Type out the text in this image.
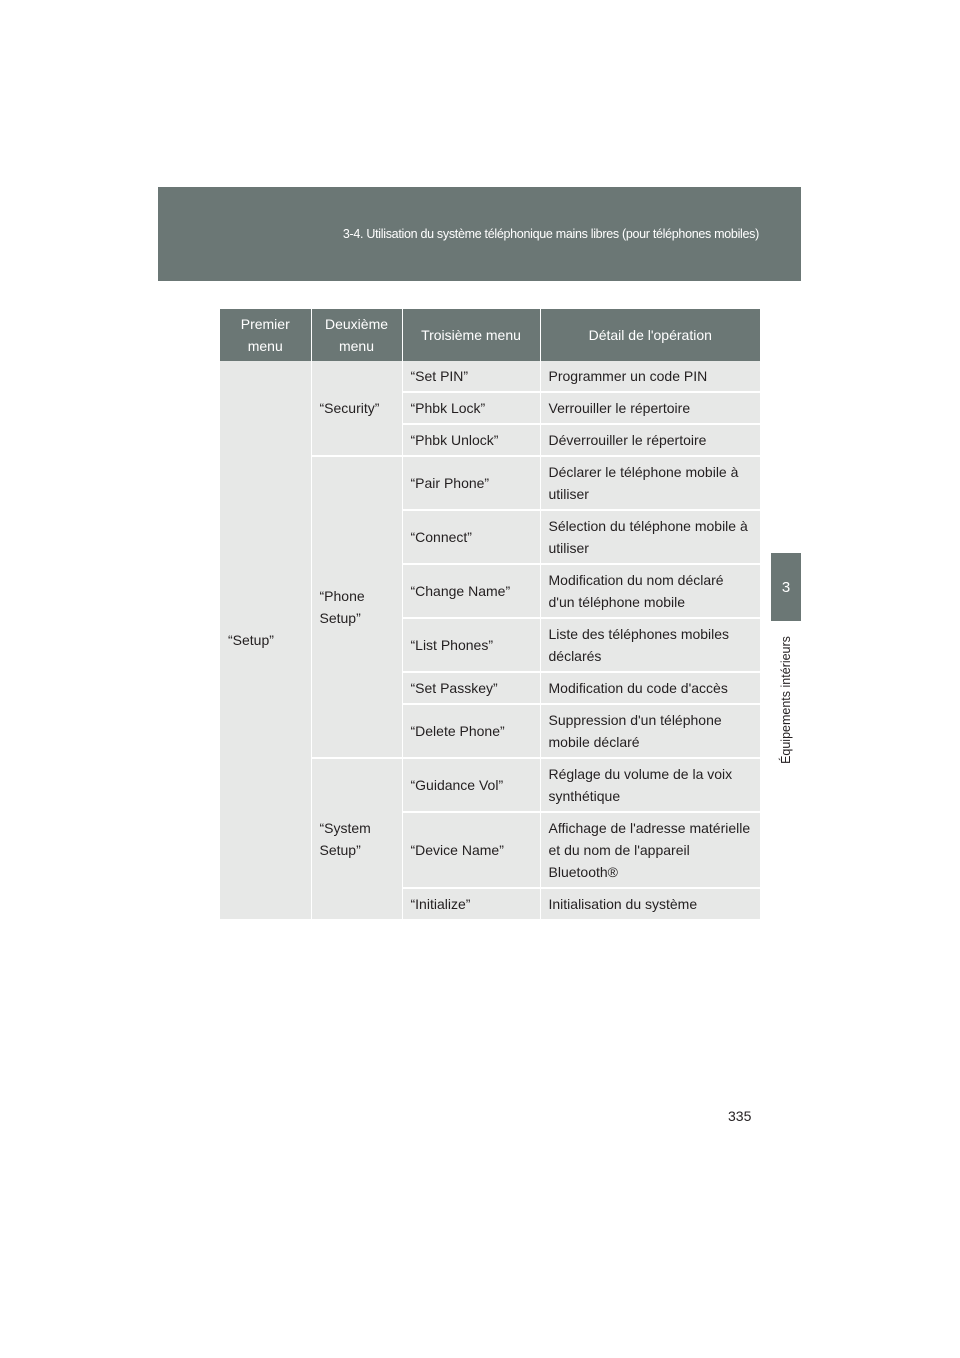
3-4. Utilisation du système téléphonique mains libres (pour téléphones mobiles)
3
Équipements intérieurs
Premier menu	Deuxième menu	Troisième menu	Détail de l'opération
“Setup”	“Security”	“Set PIN”	Programmer un code PIN
		“Phbk Lock”	Verrouiller le répertoire
		“Phbk Unlock”	Déverrouiller le répertoire
	“Phone Setup”	“Pair Phone”	Déclarer le téléphone mobile à utiliser
		“Connect”	Sélection du téléphone mobile à utiliser
		“Change Name”	Modification du nom déclaré d'un téléphone mobile
		“List Phones”	Liste des téléphones mobiles déclarés
		“Set Passkey”	Modification du code d'accès
		“Delete Phone”	Suppression d'un téléphone mobile déclaré
	“System Setup”	“Guidance Vol”	Réglage du volume de la voix synthétique
		“Device Name”	Affichage de l'adresse matérielle et du nom de l'appareil Bluetooth®
		“Initialize”	Initialisation du système
335
